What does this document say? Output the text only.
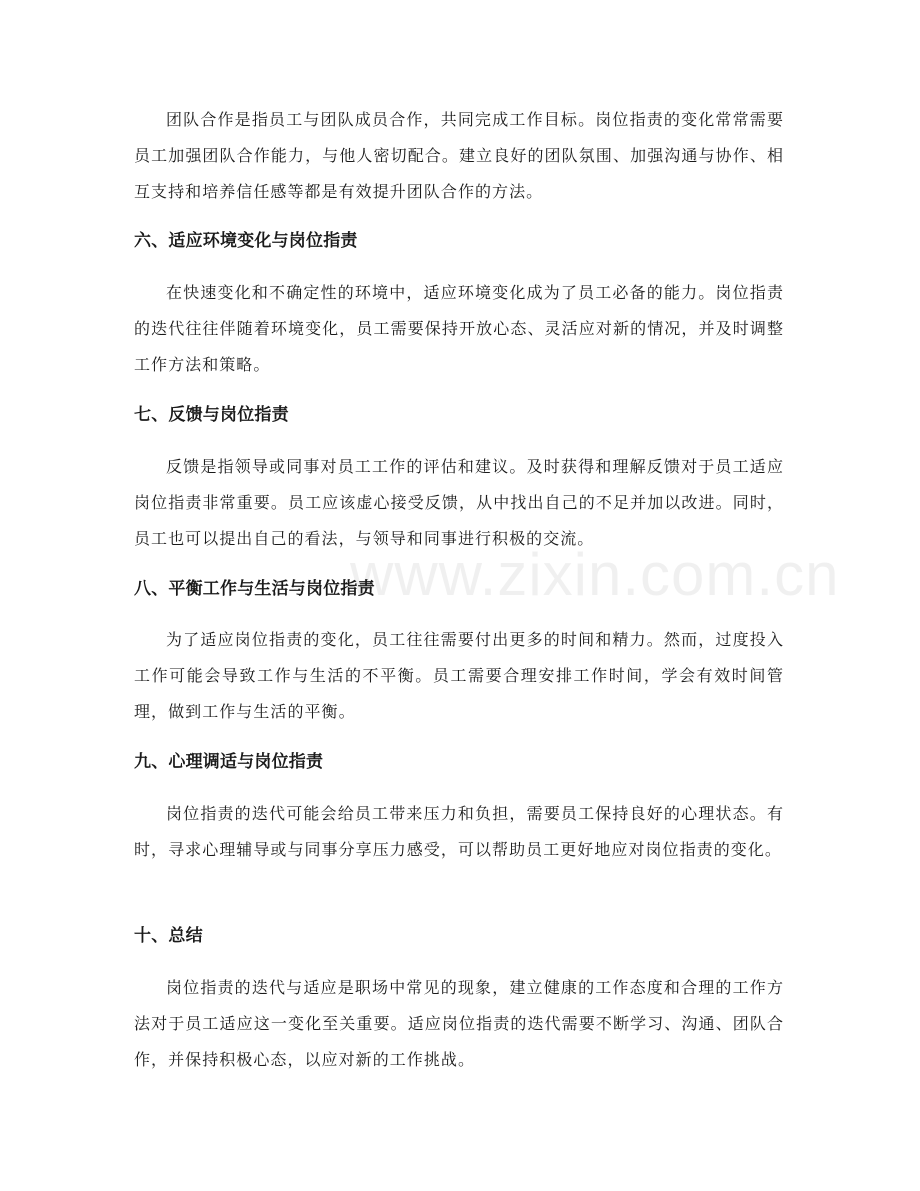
www.zixin.com.cn

团队合作是指员工与团队成员合作，共同完成工作目标。岗位指责的变化常常需要员工加强团队合作能力，与他人密切配合。建立良好的团队氛围、加强沟通与协作、相互支持和培养信任感等都是有效提升团队合作的方法。

六、适应环境变化与岗位指责

在快速变化和不确定性的环境中，适应环境变化成为了员工必备的能力。岗位指责的迭代往往伴随着环境变化，员工需要保持开放心态、灵活应对新的情况，并及时调整工作方法和策略。

七、反馈与岗位指责

反馈是指领导或同事对员工工作的评估和建议。及时获得和理解反馈对于员工适应岗位指责非常重要。员工应该虚心接受反馈，从中找出自己的不足并加以改进。同时，员工也可以提出自己的看法，与领导和同事进行积极的交流。

八、平衡工作与生活与岗位指责

为了适应岗位指责的变化，员工往往需要付出更多的时间和精力。然而，过度投入工作可能会导致工作与生活的不平衡。员工需要合理安排工作时间，学会有效时间管理，做到工作与生活的平衡。

九、心理调适与岗位指责

岗位指责的迭代可能会给员工带来压力和负担，需要员工保持良好的心理状态。有时，寻求心理辅导或与同事分享压力感受，可以帮助员工更好地应对岗位指责的变化。

十、总结

岗位指责的迭代与适应是职场中常见的现象，建立健康的工作态度和合理的工作方法对于员工适应这一变化至关重要。适应岗位指责的迭代需要不断学习、沟通、团队合作，并保持积极心态，以应对新的工作挑战。
